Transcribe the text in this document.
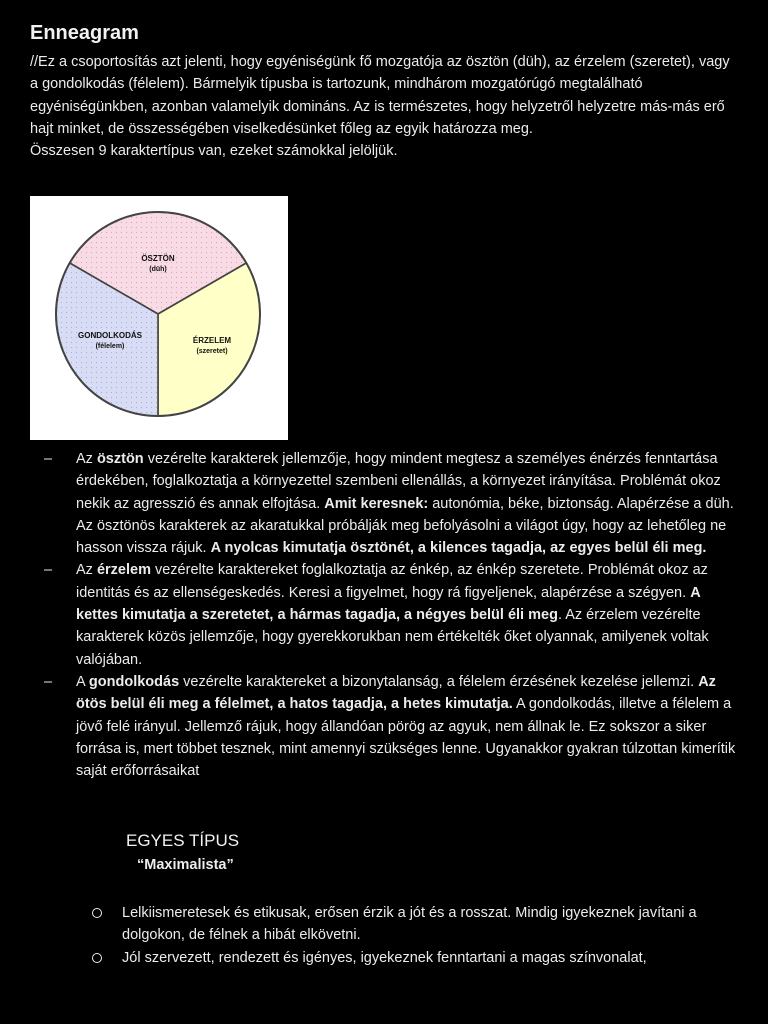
Enneagram

//Ez a csoportosítás azt jelenti, hogy egyéniségünk fő mozgatója az ösztön (düh), az érzelem (szeretet), vagy a gondolkodás (félelem). Bármelyik típusba is tartozunk, mindhárom mozgatórúgó megtalálható egyéniségünkben, azonban valamelyik domináns. Az is természetes, hogy helyzetről helyzetre más-más erő hajt minket, de összességében viselkedésünket főleg az egyik határozza meg.

Összesen 9 karaktertípus van, ezeket számokkal jelöljük.

ÖSZTÖN
(düh)
ÉRZELEM
(szeretet)
GONDOLKODÁS
(félelem)
– Az ösztön vezérelte karakterek jellemzője, hogy mindent megtesz a személyes énérzés fenntartása érdekében, foglalkoztatja a környezettel szembeni ellenállás, a környezet irányítása. Problémát okoz nekik az agresszió és annak elfojtása. Amit keresnek: autonómia, béke, biztonság. Alapérzése a düh. Az ösztönös karakterek az akaratukkal próbálják meg befolyásolni a világot úgy, hogy az lehetőleg ne hasson vissza rájuk. A nyolcas kimutatja ösztönét, a kilences tagadja, az egyes belül éli meg.
– Az érzelem vezérelte karaktereket foglalkoztatja az énkép, az énkép szeretete. Problémát okoz az identitás és az ellenségeskedés. Keresi a figyelmet, hogy rá figyeljenek, alapérzése a szégyen. A kettes kimutatja a szeretetet, a hármas tagadja, a négyes belül éli meg. Az érzelem vezérelte karakterek közös jellemzője, hogy gyerekkorukban nem értékelték őket olyannak, amilyenek voltak valójában.
– A gondolkodás vezérelte karaktereket a bizonytalanság, a félelem érzésének kezelése jellemzi. Az ötös belül éli meg a félelmet, a hatos tagadja, a hetes kimutatja. A gondolkodás, illetve a félelem a jövő felé irányul. Jellemző rájuk, hogy állandóan pörög az agyuk, nem állnak le. Ez sokszor a siker forrása is, mert többet tesznek, mint amennyi szükséges lenne. Ugyanakkor gyakran túlzottan kimerítik saját erőforrásaikat
EGYES TÍPUS
“Maximalista”
Lelkiismeretesek és etikusak, erősen érzik a jót és a rosszat. Mindig igyekeznek javítani a dolgokon, de félnek a hibát elkövetni.
Jól szervezett, rendezett és igényes, igyekeznek fenntartani a magas színvonalat,
